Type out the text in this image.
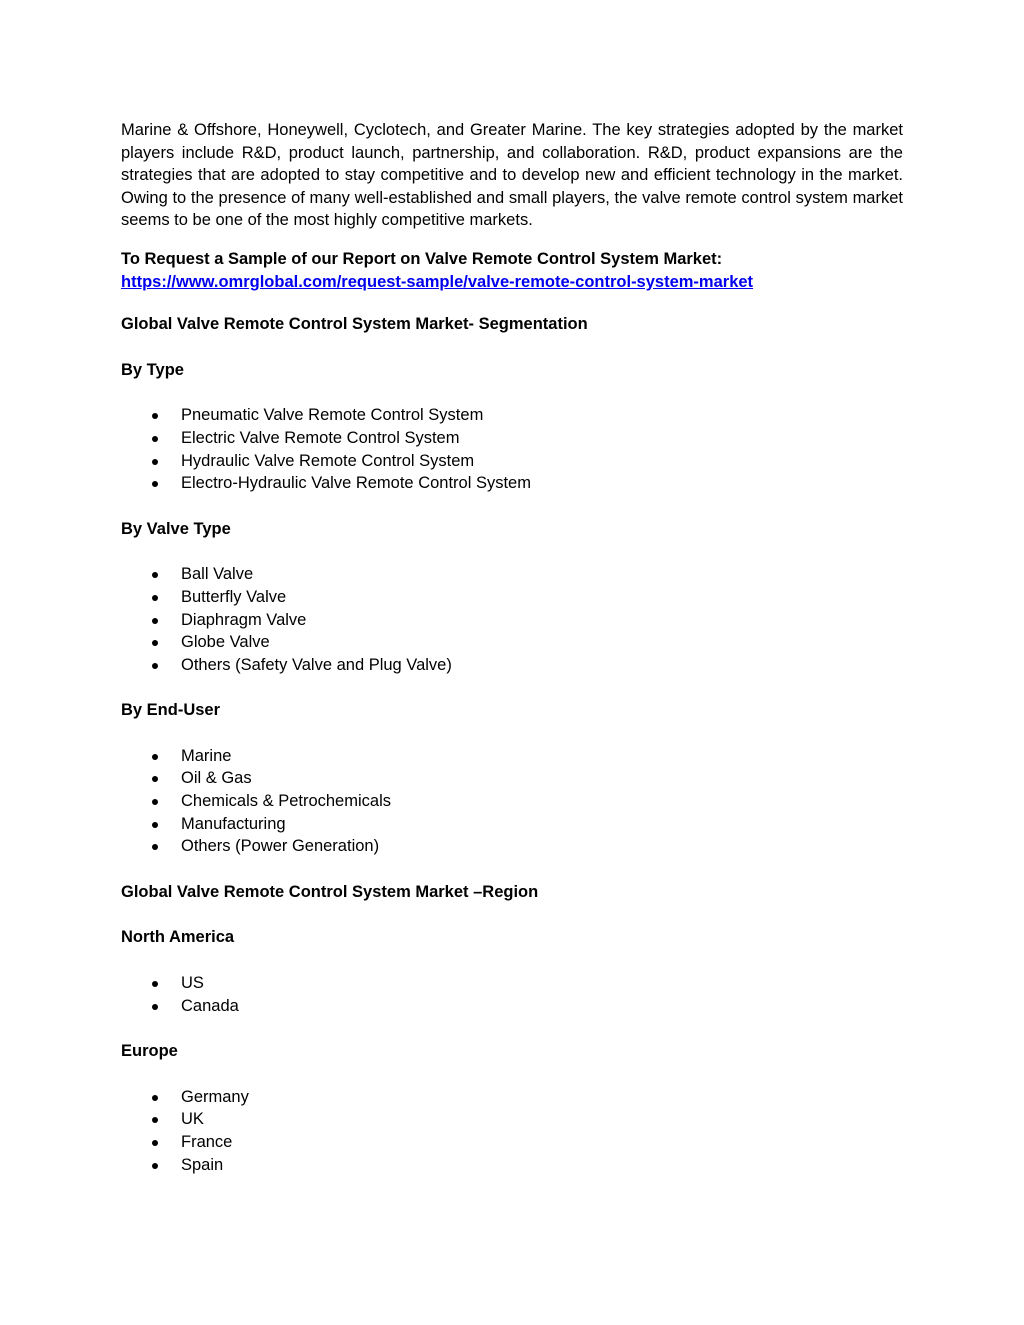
Marine & Offshore, Honeywell, Cyclotech, and Greater Marine. The key strategies adopted by the market players include R&D, product launch, partnership, and collaboration. R&D, product expansions are the strategies that are adopted to stay competitive and to develop new and efficient technology in the market. Owing to the presence of many well-established and small players, the valve remote control system market seems to be one of the most highly competitive markets.

To Request a Sample of our Report on Valve Remote Control System Market:
https://www.omrglobal.com/request-sample/valve-remote-control-system-market

Global Valve Remote Control System Market- Segmentation

By Type

Pneumatic Valve Remote Control System
Electric Valve Remote Control System
Hydraulic Valve Remote Control System
Electro-Hydraulic Valve Remote Control System

By Valve Type

Ball Valve
Butterfly Valve
Diaphragm Valve
Globe Valve
Others (Safety Valve and Plug Valve)

By End-User

Marine
Oil & Gas
Chemicals & Petrochemicals
Manufacturing
Others (Power Generation)

Global Valve Remote Control System Market –Region

North America

US
Canada

Europe

Germany
UK
France
Spain
